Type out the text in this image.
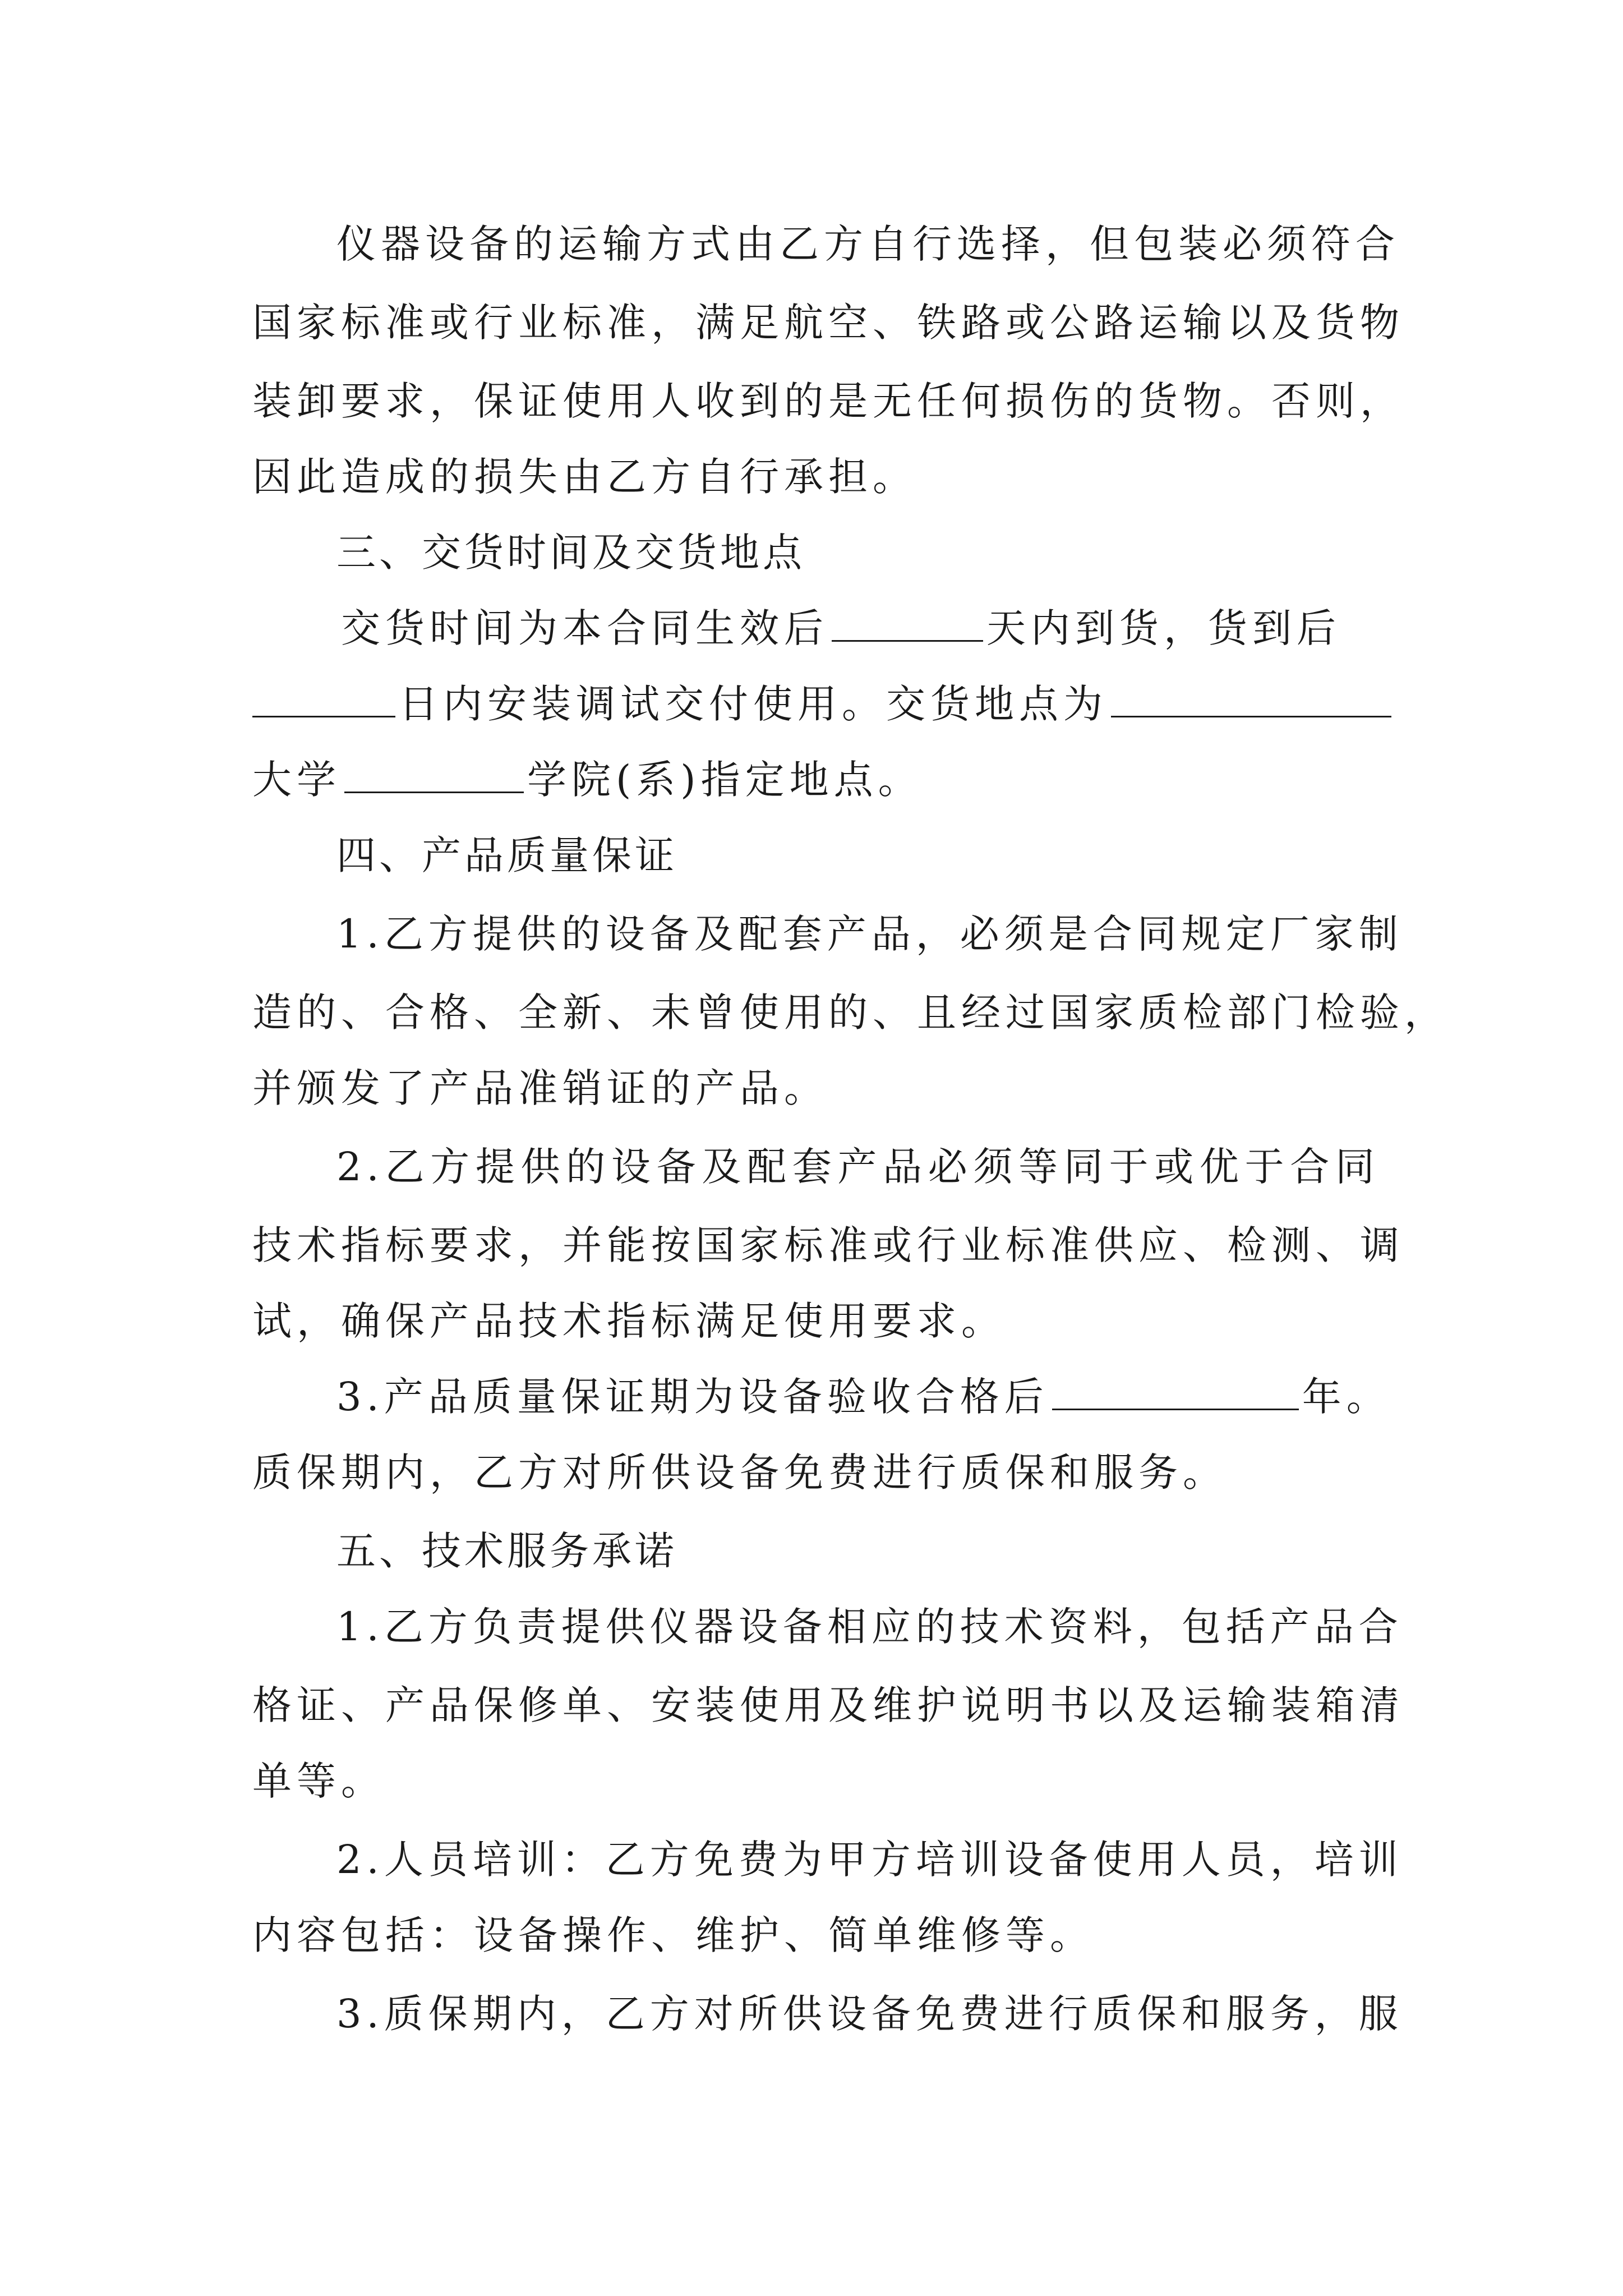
仪器设备的运输方式由乙方自行选择，但包装必须符合
国家标准或行业标准，满足航空、铁路或公路运输以及货物
装卸要求，保证使用人收到的是无任何损伤的货物。否则，
因此造成的损失由乙方自行承担。
三、交货时间及交货地点
交货时间为本合同生效后	天内到货，货到后
日内安装调试交付使用。交货地点为
大学	学院(系)指定地点。
四、产品质量保证
1.乙方提供的设备及配套产品，必须是合同规定厂家制
造的、合格、全新、未曾使用的、且经过国家质检部门检验，
并颁发了产品准销证的产品。
2.乙方提供的设备及配套产品必须等同于或优于合同
技术指标要求，并能按国家标准或行业标准供应、检测、调
试，确保产品技术指标满足使用要求。
3.产品质量保证期为设备验收合格后	年。
质保期内，乙方对所供设备免费进行质保和服务。
五、技术服务承诺
1.乙方负责提供仪器设备相应的技术资料，包括产品合
格证、产品保修单、安装使用及维护说明书以及运输装箱清
单等。
2.人员培训：乙方免费为甲方培训设备使用人员，培训
内容包括：设备操作、维护、简单维修等。
3.质保期内，乙方对所供设备免费进行质保和服务，服
